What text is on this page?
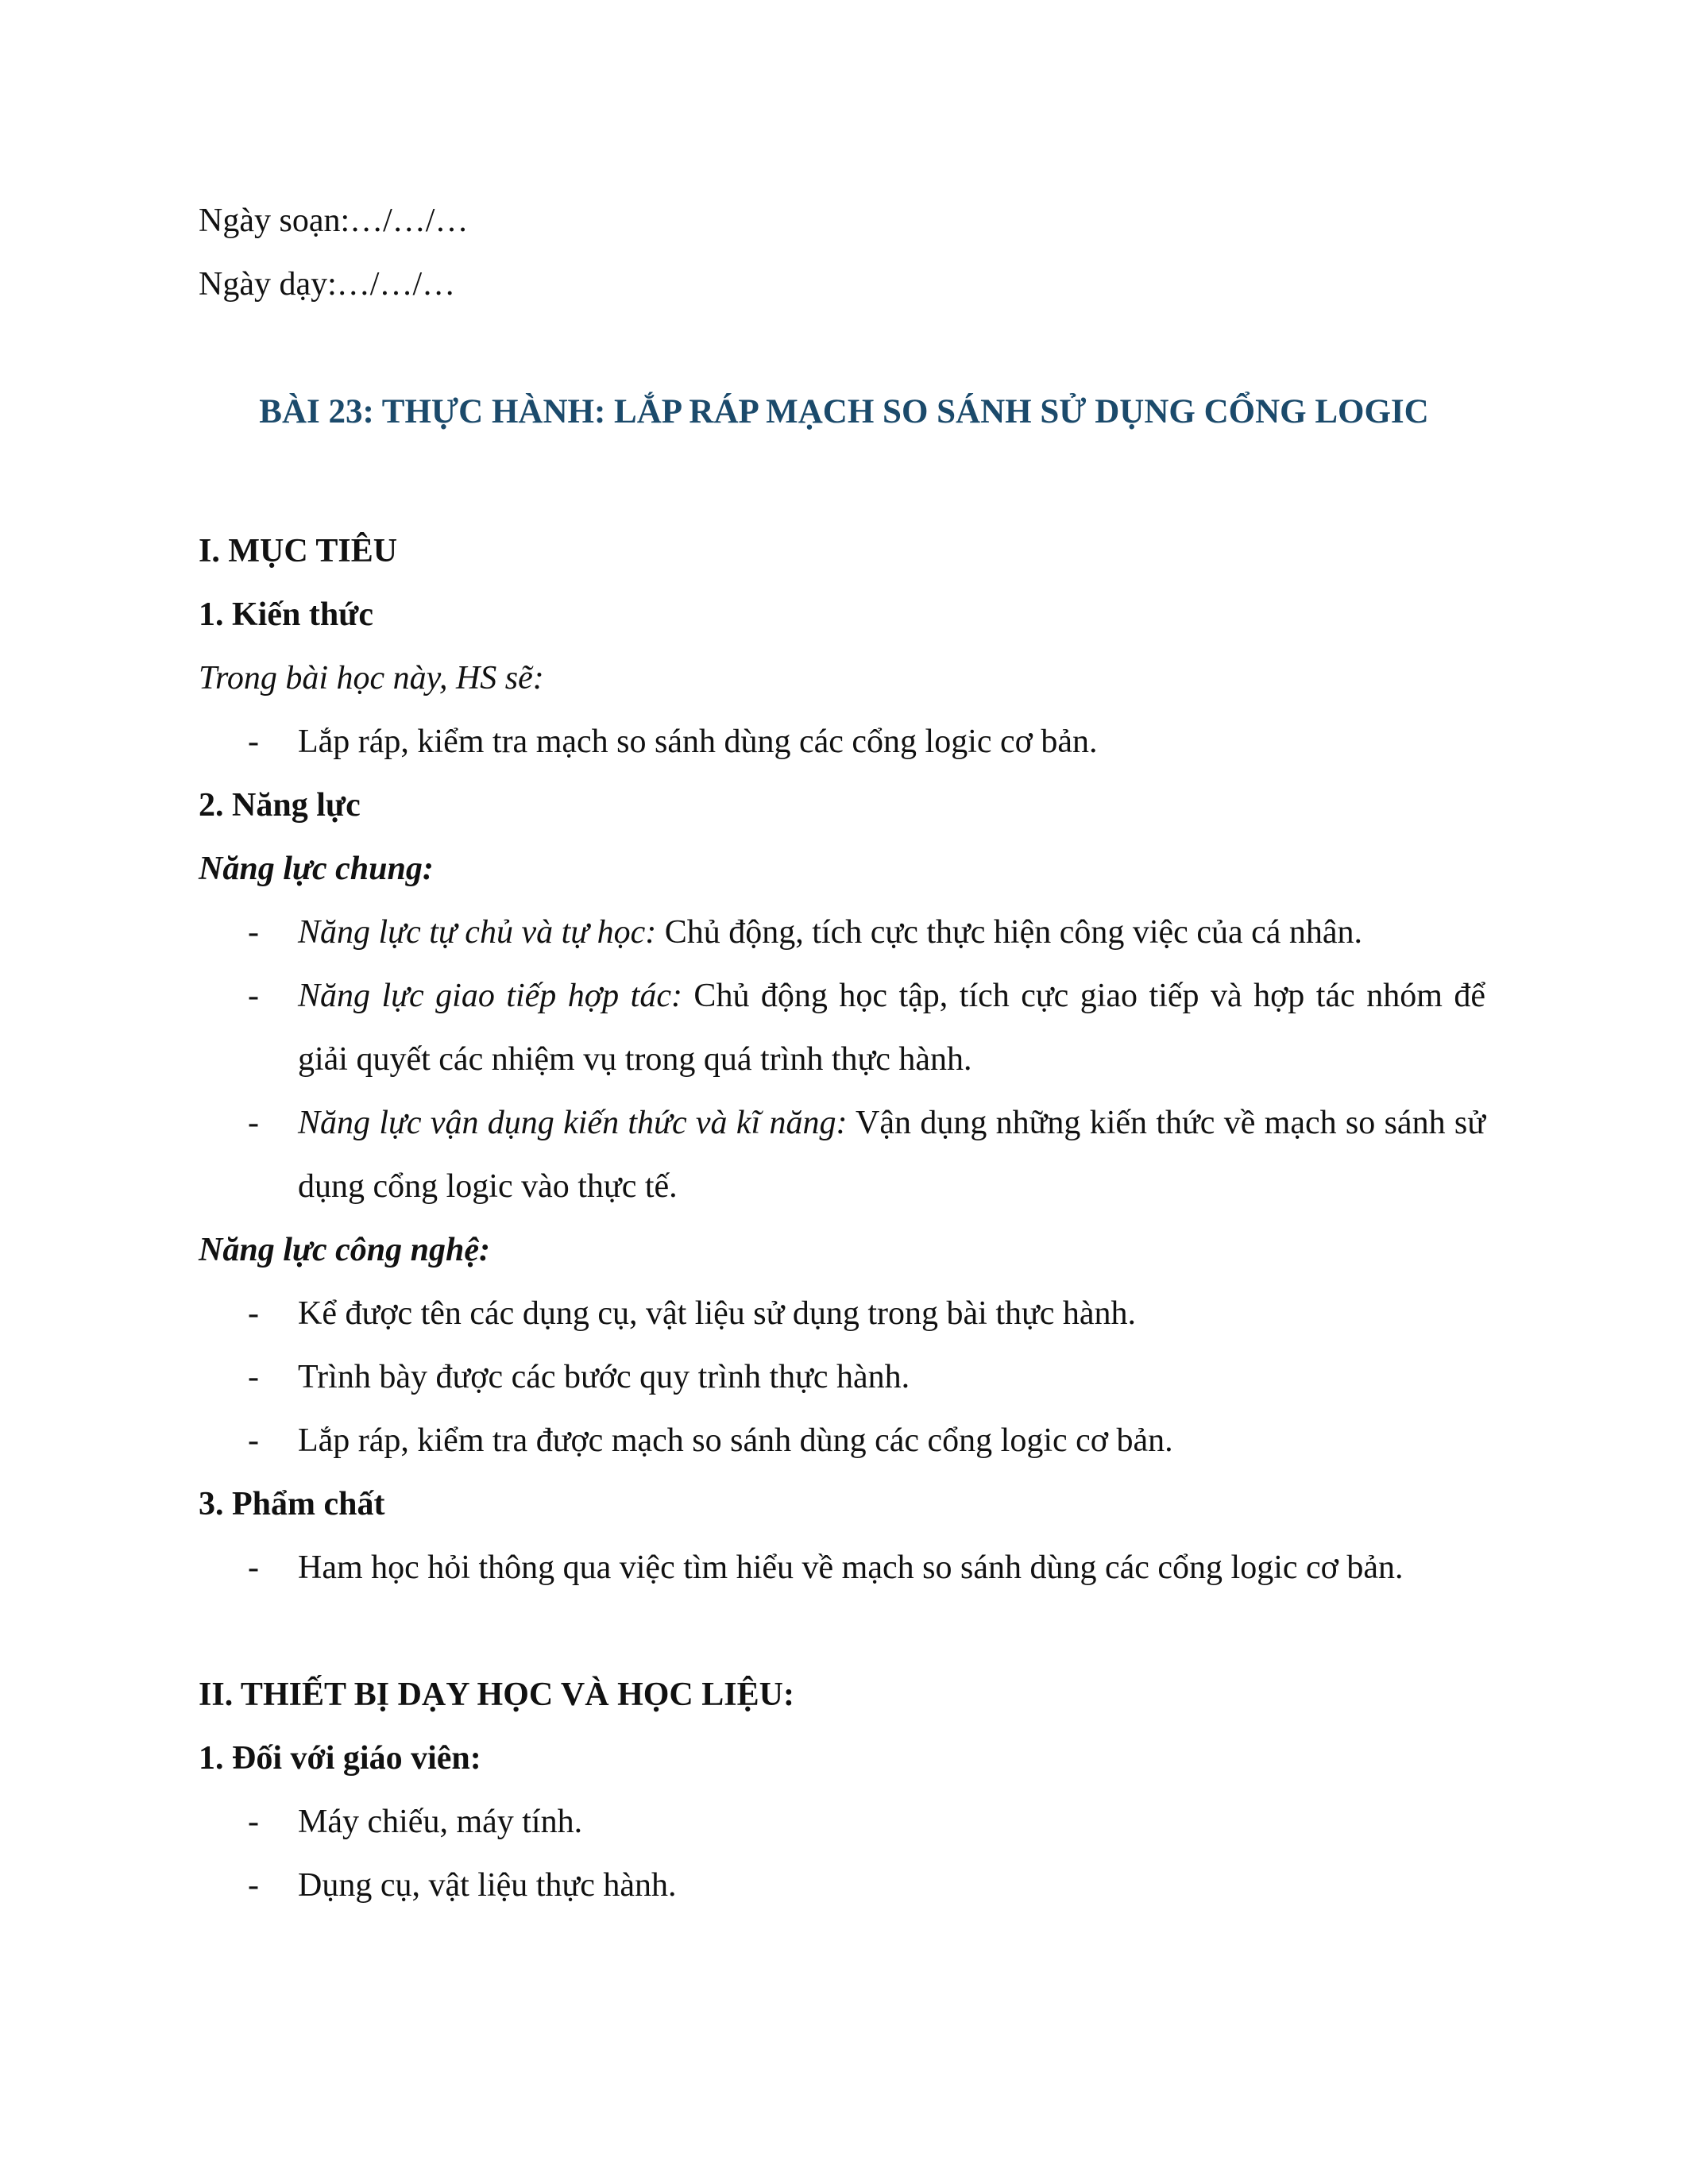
Ngày soạn:…/…/…
Ngày dạy:…/…/…
BÀI 23: THỰC HÀNH: LẮP RÁP MẠCH SO SÁNH SỬ DỤNG CỔNG LOGIC
I. MỤC TIÊU
1. Kiến thức
Trong bài học này, HS sẽ:
- Lắp ráp, kiểm tra mạch so sánh dùng các cổng logic cơ bản.
2. Năng lực
Năng lực chung:
- Năng lực tự chủ và tự học: Chủ động, tích cực thực hiện công việc của cá nhân.
- Năng lực giao tiếp hợp tác: Chủ động học tập, tích cực giao tiếp và hợp tác nhóm để giải quyết các nhiệm vụ trong quá trình thực hành.
- Năng lực vận dụng kiến thức và kĩ năng: Vận dụng những kiến thức về mạch so sánh sử dụng cổng logic vào thực tế.
Năng lực công nghệ:
- Kể được tên các dụng cụ, vật liệu sử dụng trong bài thực hành.
- Trình bày được các bước quy trình thực hành.
- Lắp ráp, kiểm tra được mạch so sánh dùng các cổng logic cơ bản.
3. Phẩm chất
- Ham học hỏi thông qua việc tìm hiểu về mạch so sánh dùng các cổng logic cơ bản.
II. THIẾT BỊ DẠY HỌC VÀ HỌC LIỆU:
1. Đối với giáo viên:
- Máy chiếu, máy tính.
- Dụng cụ, vật liệu thực hành.
